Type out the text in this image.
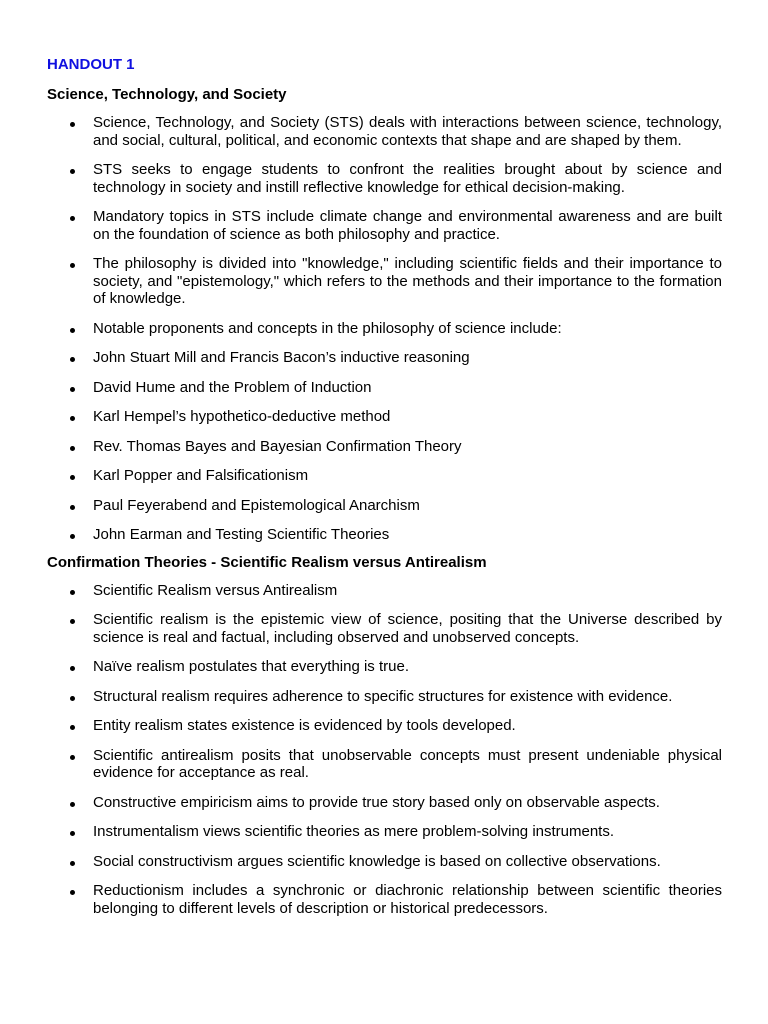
HANDOUT 1
Science, Technology, and Society
Science, Technology, and Society (STS) deals with interactions between science, technology, and social, cultural, political, and economic contexts that shape and are shaped by them.
STS seeks to engage students to confront the realities brought about by science and technology in society and instill reflective knowledge for ethical decision-making.
Mandatory topics in STS include climate change and environmental awareness and are built on the foundation of science as both philosophy and practice.
The philosophy is divided into "knowledge," including scientific fields and their importance to society, and "epistemology," which refers to the methods and their importance to the formation of knowledge.
Notable proponents and concepts in the philosophy of science include:
John Stuart Mill and Francis Bacon’s inductive reasoning
David Hume and the Problem of Induction
Karl Hempel’s hypothetico-deductive method
Rev. Thomas Bayes and Bayesian Confirmation Theory
Karl Popper and Falsificationism
Paul Feyerabend and Epistemological Anarchism
John Earman and Testing Scientific Theories
Confirmation Theories - Scientific Realism versus Antirealism
Scientific Realism versus Antirealism
Scientific realism is the epistemic view of science, positing that the Universe described by science is real and factual, including observed and unobserved concepts.
Naïve realism postulates that everything is true.
Structural realism requires adherence to specific structures for existence with evidence.
Entity realism states existence is evidenced by tools developed.
Scientific antirealism posits that unobservable concepts must present undeniable physical evidence for acceptance as real.
Constructive empiricism aims to provide true story based only on observable aspects.
Instrumentalism views scientific theories as mere problem-solving instruments.
Social constructivism argues scientific knowledge is based on collective observations.
Reductionism includes a synchronic or diachronic relationship between scientific theories belonging to different levels of description or historical predecessors.
